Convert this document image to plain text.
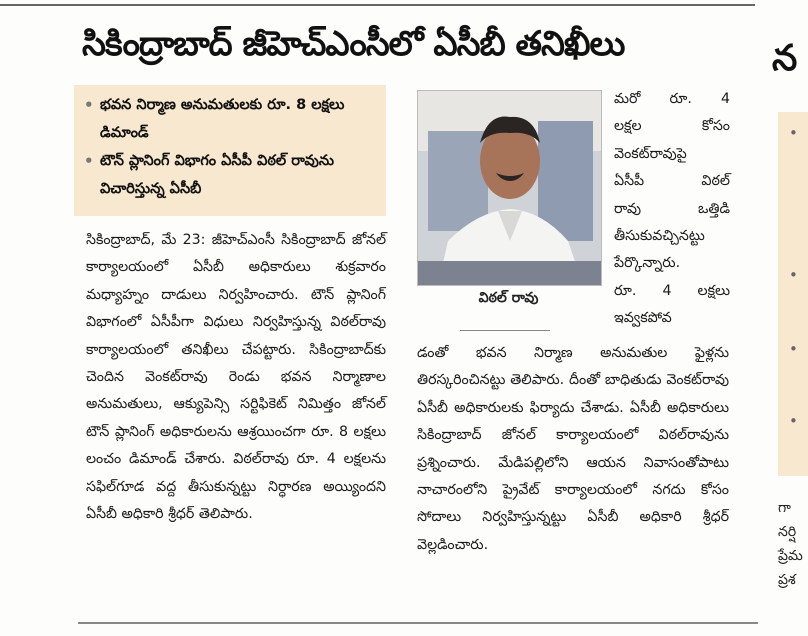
సికింద్రాబాద్ జీహెచ్ఎంసీలో ఏసీబీ తనిఖీలు	న
• భవన నిర్మాణ అనుమతులకు రూ. 8 లక్షలు డిమాండ్
• టౌన్ ప్లానింగ్ విభాగం ఏసీపీ విఠల్ రావును విచారిస్తున్న ఏసీబీ
సికింద్రాబాద్, మే 23: జీహెచ్ఎంసీ సికింద్రాబాద్ జోనల్ కార్యాలయంలో ఏసీబీ అధికారులు శుక్రవారం మధ్యాహ్నం దాడులు నిర్వహించారు. టౌన్ ప్లానింగ్ విభాగంలో ఏసీపీగా విధులు నిర్వహిస్తున్న విఠల్‌రావు కార్యాలయంలో తనిఖీలు చేపట్టారు. సికింద్రాబాద్‌కు చెందిన వెంకట్‌రావు రెండు భవన నిర్మాణాల అనుమతులు, ఆక్యుపెన్సి సర్టిఫికెట్ నిమిత్తం జోనల్ టౌన్ ప్లానింగ్ అధికారులను ఆశ్రయించగా రూ. 8 లక్షలు లంచం డిమాండ్ చేశారు. విఠల్‌రావు రూ. 4 లక్షలను సఫిల్‌గూడ వద్ద తీసుకున్నట్టు నిర్ధారణ అయ్యిందని ఏసీబీ అధికారి శ్రీధర్ తెలిపారు.
విఠల్ రావు
మరో రూ. 4
లక్షల కోసం
వెంకట్‌రావుపై
ఏసీపీ విఠల్
రావు ఒత్తిడి
తీసుకువచ్చినట్టు
పేర్కొన్నారు.
రూ. 4 లక్షలు
ఇవ్వకపోవ
డంతో భవన నిర్మాణ అనుమతుల ఫైళ్లను తిరస్కరించినట్టు తెలిపారు. దీంతో బాధితుడు వెంకట్‌రావు ఏసీబీ అధికారులకు ఫిర్యాదు చేశాడు. ఏసీబీ అధికారులు సికింద్రాబాద్ జోనల్ కార్యాలయంలో విఠల్‌రావును ప్రశ్నించారు. మేడిపల్లిలోని ఆయన నివాసంతోపాటు నాచారంలోని ప్రైవేట్ కార్యాలయంలో నగదు కోసం సోదాలు నిర్వహిస్తున్నట్టు ఏసీబీ అధికారి శ్రీధర్ వెల్లడించారు.
•
•
•
•
గా
నర్షి
ప్రేమ
ప్రశ
